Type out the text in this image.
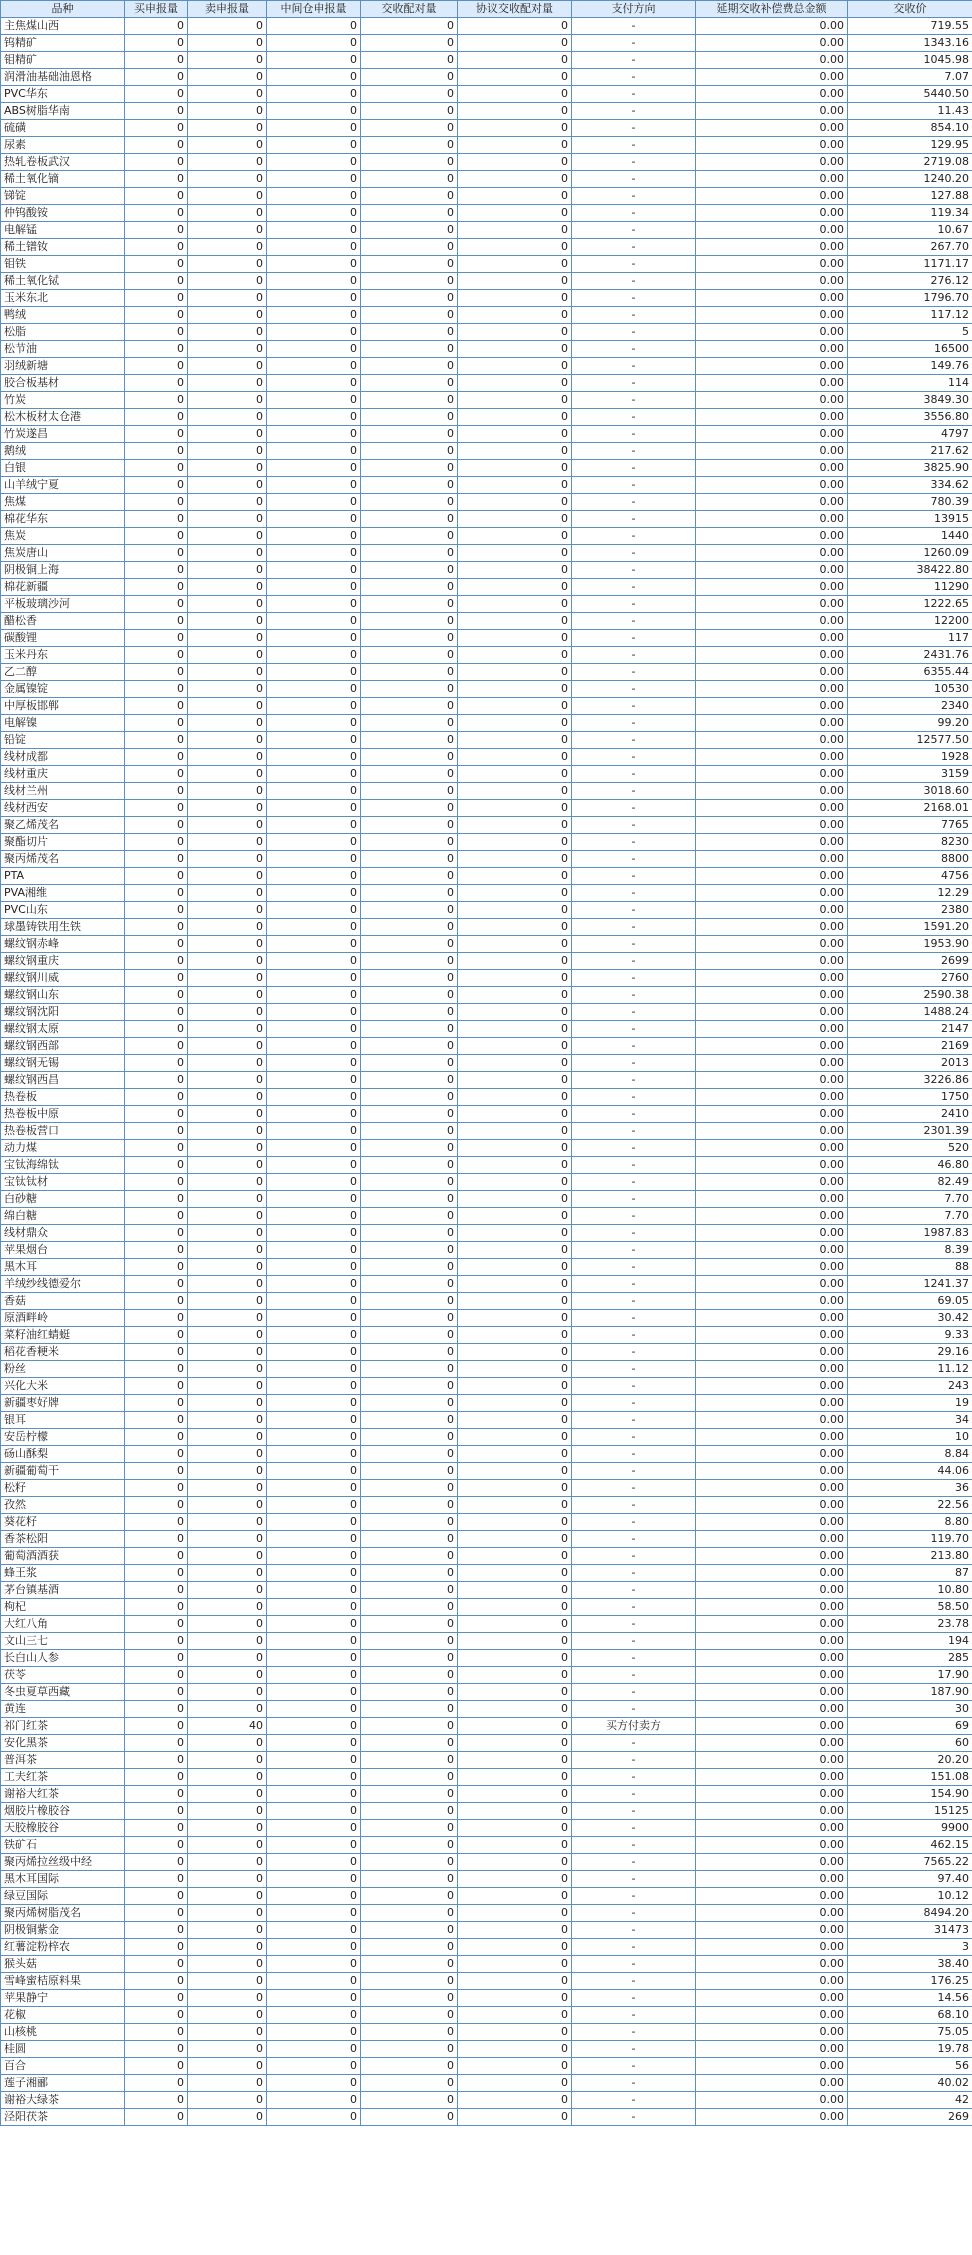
品种	买申报量	卖申报量	中间仓申报量	交收配对量	协议交收配对量	支付方向	延期交收补偿费总金额	交收价
主焦煤山西	0	0	0	0	0	-	0.00	719.55
钨精矿	0	0	0	0	0	-	0.00	1343.16
钼精矿	0	0	0	0	0	-	0.00	1045.98
润滑油基础油恩格	0	0	0	0	0	-	0.00	7.07
PVC华东	0	0	0	0	0	-	0.00	5440.50
ABS树脂华南	0	0	0	0	0	-	0.00	11.43
硫磺	0	0	0	0	0	-	0.00	854.10
尿素	0	0	0	0	0	-	0.00	129.95
热轧卷板武汉	0	0	0	0	0	-	0.00	2719.08
稀土氧化镝	0	0	0	0	0	-	0.00	1240.20
锑锭	0	0	0	0	0	-	0.00	127.88
仲钨酸铵	0	0	0	0	0	-	0.00	119.34
电解锰	0	0	0	0	0	-	0.00	10.67
稀土镨钕	0	0	0	0	0	-	0.00	267.70
钼铁	0	0	0	0	0	-	0.00	1171.17
稀土氧化铽	0	0	0	0	0	-	0.00	276.12
玉米东北	0	0	0	0	0	-	0.00	1796.70
鸭绒	0	0	0	0	0	-	0.00	117.12
松脂	0	0	0	0	0	-	0.00	5
松节油	0	0	0	0	0	-	0.00	16500
羽绒新塘	0	0	0	0	0	-	0.00	149.76
胶合板基材	0	0	0	0	0	-	0.00	114
竹炭	0	0	0	0	0	-	0.00	3849.30
松木板材太仓港	0	0	0	0	0	-	0.00	3556.80
竹炭遂昌	0	0	0	0	0	-	0.00	4797
鹅绒	0	0	0	0	0	-	0.00	217.62
白银	0	0	0	0	0	-	0.00	3825.90
山羊绒宁夏	0	0	0	0	0	-	0.00	334.62
焦煤	0	0	0	0	0	-	0.00	780.39
棉花华东	0	0	0	0	0	-	0.00	13915
焦炭	0	0	0	0	0	-	0.00	1440
焦炭唐山	0	0	0	0	0	-	0.00	1260.09
阴极铜上海	0	0	0	0	0	-	0.00	38422.80
棉花新疆	0	0	0	0	0	-	0.00	11290
平板玻璃沙河	0	0	0	0	0	-	0.00	1222.65
醋松香	0	0	0	0	0	-	0.00	12200
碳酸锂	0	0	0	0	0	-	0.00	117
玉米丹东	0	0	0	0	0	-	0.00	2431.76
乙二醇	0	0	0	0	0	-	0.00	6355.44
金属镍锭	0	0	0	0	0	-	0.00	10530
中厚板邯郸	0	0	0	0	0	-	0.00	2340
电解镍	0	0	0	0	0	-	0.00	99.20
铅锭	0	0	0	0	0	-	0.00	12577.50
线材成都	0	0	0	0	0	-	0.00	1928
线材重庆	0	0	0	0	0	-	0.00	3159
线材兰州	0	0	0	0	0	-	0.00	3018.60
线材西安	0	0	0	0	0	-	0.00	2168.01
聚乙烯茂名	0	0	0	0	0	-	0.00	7765
聚酯切片	0	0	0	0	0	-	0.00	8230
聚丙烯茂名	0	0	0	0	0	-	0.00	8800
PTA	0	0	0	0	0	-	0.00	4756
PVA湘维	0	0	0	0	0	-	0.00	12.29
PVC山东	0	0	0	0	0	-	0.00	2380
球墨铸铁用生铁	0	0	0	0	0	-	0.00	1591.20
螺纹钢赤峰	0	0	0	0	0	-	0.00	1953.90
螺纹钢重庆	0	0	0	0	0	-	0.00	2699
螺纹钢川威	0	0	0	0	0	-	0.00	2760
螺纹钢山东	0	0	0	0	0	-	0.00	2590.38
螺纹钢沈阳	0	0	0	0	0	-	0.00	1488.24
螺纹钢太原	0	0	0	0	0	-	0.00	2147
螺纹钢西部	0	0	0	0	0	-	0.00	2169
螺纹钢无锡	0	0	0	0	0	-	0.00	2013
螺纹钢西昌	0	0	0	0	0	-	0.00	3226.86
热卷板	0	0	0	0	0	-	0.00	1750
热卷板中原	0	0	0	0	0	-	0.00	2410
热卷板营口	0	0	0	0	0	-	0.00	2301.39
动力煤	0	0	0	0	0	-	0.00	520
宝钛海绵钛	0	0	0	0	0	-	0.00	46.80
宝钛钛材	0	0	0	0	0	-	0.00	82.49
白砂糖	0	0	0	0	0	-	0.00	7.70
绵白糖	0	0	0	0	0	-	0.00	7.70
线材鼎众	0	0	0	0	0	-	0.00	1987.83
苹果烟台	0	0	0	0	0	-	0.00	8.39
黑木耳	0	0	0	0	0	-	0.00	88
羊绒纱线德爱尔	0	0	0	0	0	-	0.00	1241.37
香菇	0	0	0	0	0	-	0.00	69.05
原酒畔岭	0	0	0	0	0	-	0.00	30.42
菜籽油红蜻蜓	0	0	0	0	0	-	0.00	9.33
稻花香粳米	0	0	0	0	0	-	0.00	29.16
粉丝	0	0	0	0	0	-	0.00	11.12
兴化大米	0	0	0	0	0	-	0.00	243
新疆枣好牌	0	0	0	0	0	-	0.00	19
银耳	0	0	0	0	0	-	0.00	34
安岳柠檬	0	0	0	0	0	-	0.00	10
砀山酥梨	0	0	0	0	0	-	0.00	8.84
新疆葡萄干	0	0	0	0	0	-	0.00	44.06
松籽	0	0	0	0	0	-	0.00	36
孜然	0	0	0	0	0	-	0.00	22.56
葵花籽	0	0	0	0	0	-	0.00	8.80
香茶松阳	0	0	0	0	0	-	0.00	119.70
葡萄酒酒获	0	0	0	0	0	-	0.00	213.80
蜂王浆	0	0	0	0	0	-	0.00	87
茅台镇基酒	0	0	0	0	0	-	0.00	10.80
枸杞	0	0	0	0	0	-	0.00	58.50
大红八角	0	0	0	0	0	-	0.00	23.78
文山三七	0	0	0	0	0	-	0.00	194
长白山人参	0	0	0	0	0	-	0.00	285
茯苓	0	0	0	0	0	-	0.00	17.90
冬虫夏草西藏	0	0	0	0	0	-	0.00	187.90
黄连	0	0	0	0	0	-	0.00	30
祁门红茶	0	40	0	0	0	买方付卖方	0.00	69
安化黑茶	0	0	0	0	0	-	0.00	60
普洱茶	0	0	0	0	0	-	0.00	20.20
工夫红茶	0	0	0	0	0	-	0.00	151.08
谢裕大红茶	0	0	0	0	0	-	0.00	154.90
烟胶片橡胶谷	0	0	0	0	0	-	0.00	15125
天胶橡胶谷	0	0	0	0	0	-	0.00	9900
铁矿石	0	0	0	0	0	-	0.00	462.15
聚丙烯拉丝级中经	0	0	0	0	0	-	0.00	7565.22
黑木耳国际	0	0	0	0	0	-	0.00	97.40
绿豆国际	0	0	0	0	0	-	0.00	10.12
聚丙烯树脂茂名	0	0	0	0	0	-	0.00	8494.20
阴极铜紫金	0	0	0	0	0	-	0.00	31473
红薯淀粉梓农	0	0	0	0	0	-	0.00	3
猴头菇	0	0	0	0	0	-	0.00	38.40
雪峰蜜桔原料果	0	0	0	0	0	-	0.00	176.25
苹果静宁	0	0	0	0	0	-	0.00	14.56
花椒	0	0	0	0	0	-	0.00	68.10
山核桃	0	0	0	0	0	-	0.00	75.05
桂圆	0	0	0	0	0	-	0.00	19.78
百合	0	0	0	0	0	-	0.00	56
莲子湘郦	0	0	0	0	0	-	0.00	40.02
谢裕大绿茶	0	0	0	0	0	-	0.00	42
泾阳茯茶	0	0	0	0	0	-	0.00	269
